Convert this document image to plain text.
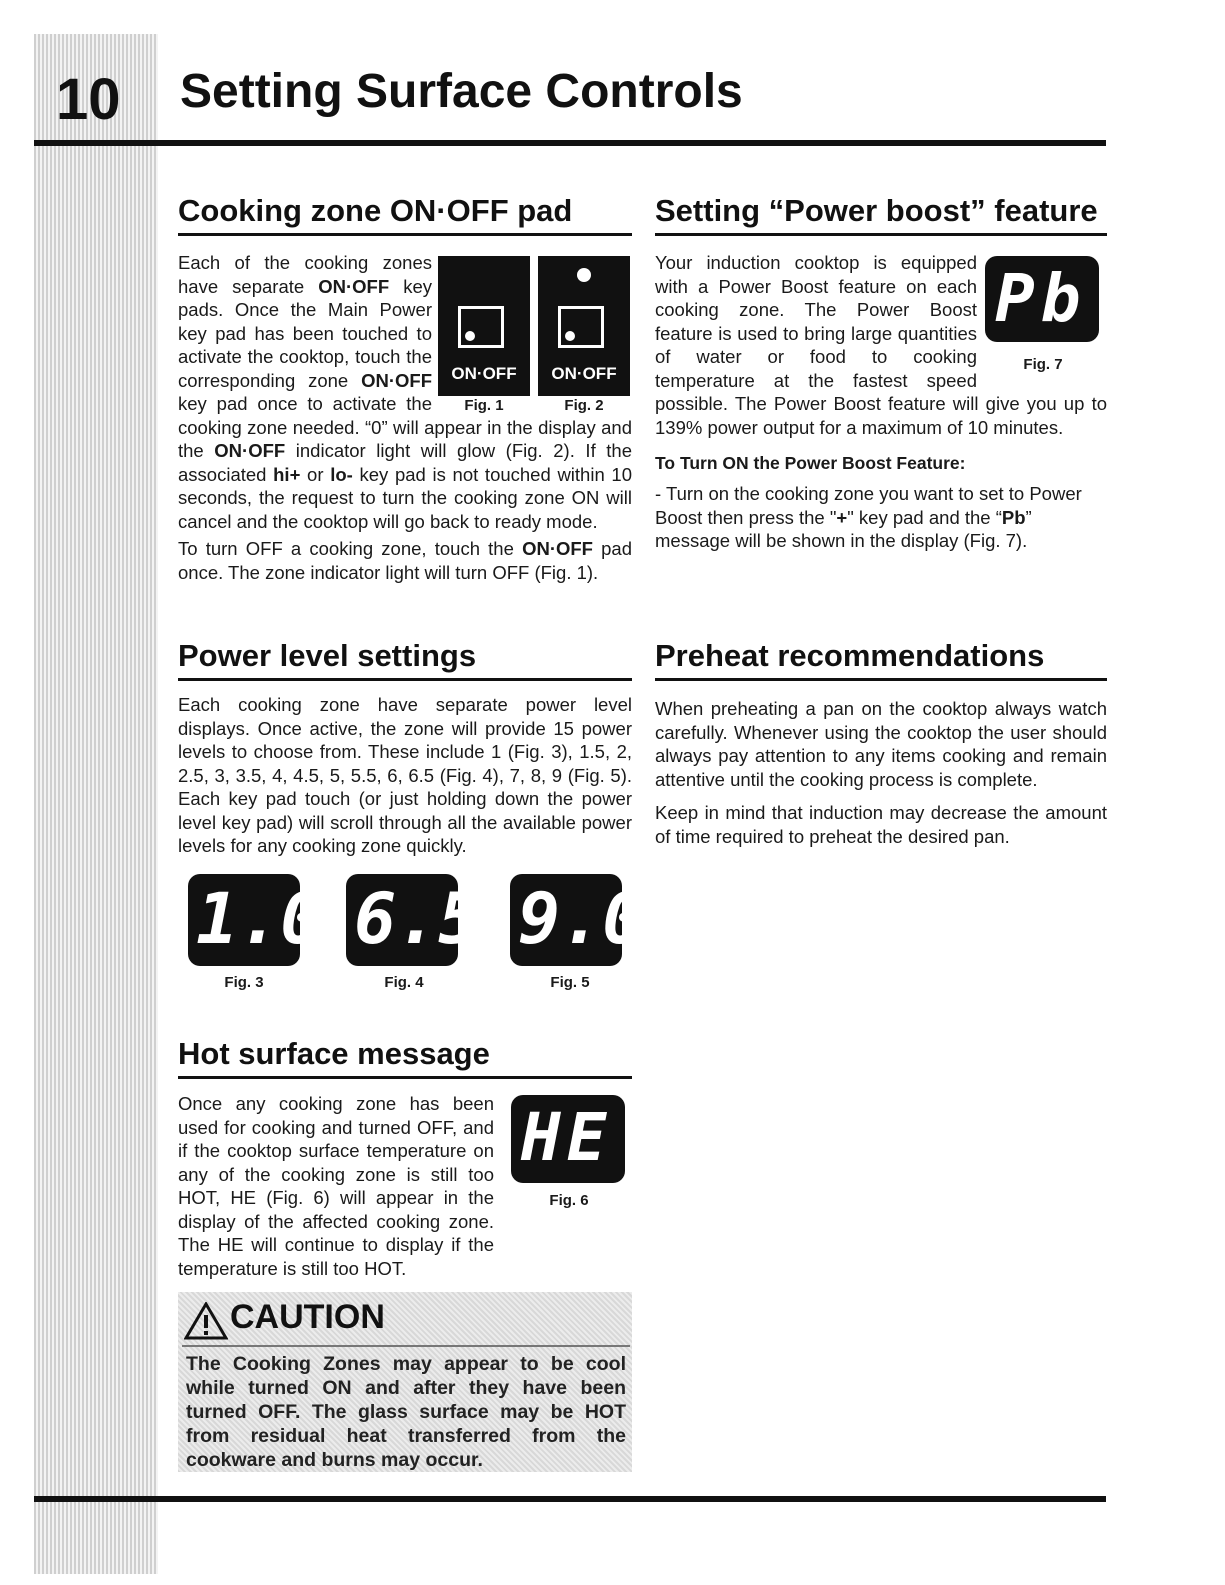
10 Setting Surface Controls
Cooking zone ON·OFF pad
ON·OFF	ON·OFF
Fig. 1	Fig. 2

Each of the cooking zones have separate ON·OFF key pads. Once the Main Power key pad has been touched to activate the cooktop, touch the corresponding zone ON·OFF key pad once to activate the cooking zone needed. “0” will appear in the display and the ON·OFF indicator light will glow (Fig. 2). If the associated hi+ or lo- key pad is not touched within 10 seconds, the request to turn the cooking zone ON will cancel and the cooktop will go back to ready mode.

To turn OFF a cooking zone, touch the ON·OFF pad once. The zone indicator light will turn OFF (Fig. 1).

Setting “Power boost” feature
Pb
Fig. 7

Your induction cooktop is equipped with a Power Boost feature on each cooking zone. The Power Boost feature is used to bring large quantities of water or food to cooking temperature at the fastest speed possible. The Power Boost feature will give you up to 139% power output for a maximum of 10 minutes.

To Turn ON the Power Boost Feature:

- Turn on the cooking zone you want to set to Power Boost then press the "+" key pad and the “Pb” message will be shown in the display (Fig. 7).

Power level settings

Each cooking zone have separate power level displays. Once active, the zone will provide 15 power levels to choose from. These include 1 (Fig. 3), 1.5, 2, 2.5, 3, 3.5, 4, 4.5, 5, 5.5, 6, 6.5 (Fig. 4), 7, 8, 9 (Fig. 5). Each key pad touch (or just holding down the power level key pad) will scroll through all the available power levels for any cooking zone quickly.

1.0 6.5 9.0
Fig. 3	Fig. 4	Fig. 5
Preheat recommendations

When preheating a pan on the cooktop always watch carefully. Whenever using the cooktop the user should always pay attention to any items cooking and remain attentive until the cooking process is complete.

Keep in mind that induction may decrease the amount of time required to preheat the desired pan.

Hot surface message
HE
Fig. 6

Once any cooking zone has been used for cooking and turned OFF, and if the cooktop surface temperature on any of the cooking zone is still too HOT, HE (Fig. 6) will appear in the display of the affected cooking zone. The HE will continue to display if the temperature is still too HOT.

CAUTION
The Cooking Zones may appear to be cool while turned ON and after they have been turned OFF. The glass surface may be HOT from residual heat transferred from the cookware and burns may occur.
